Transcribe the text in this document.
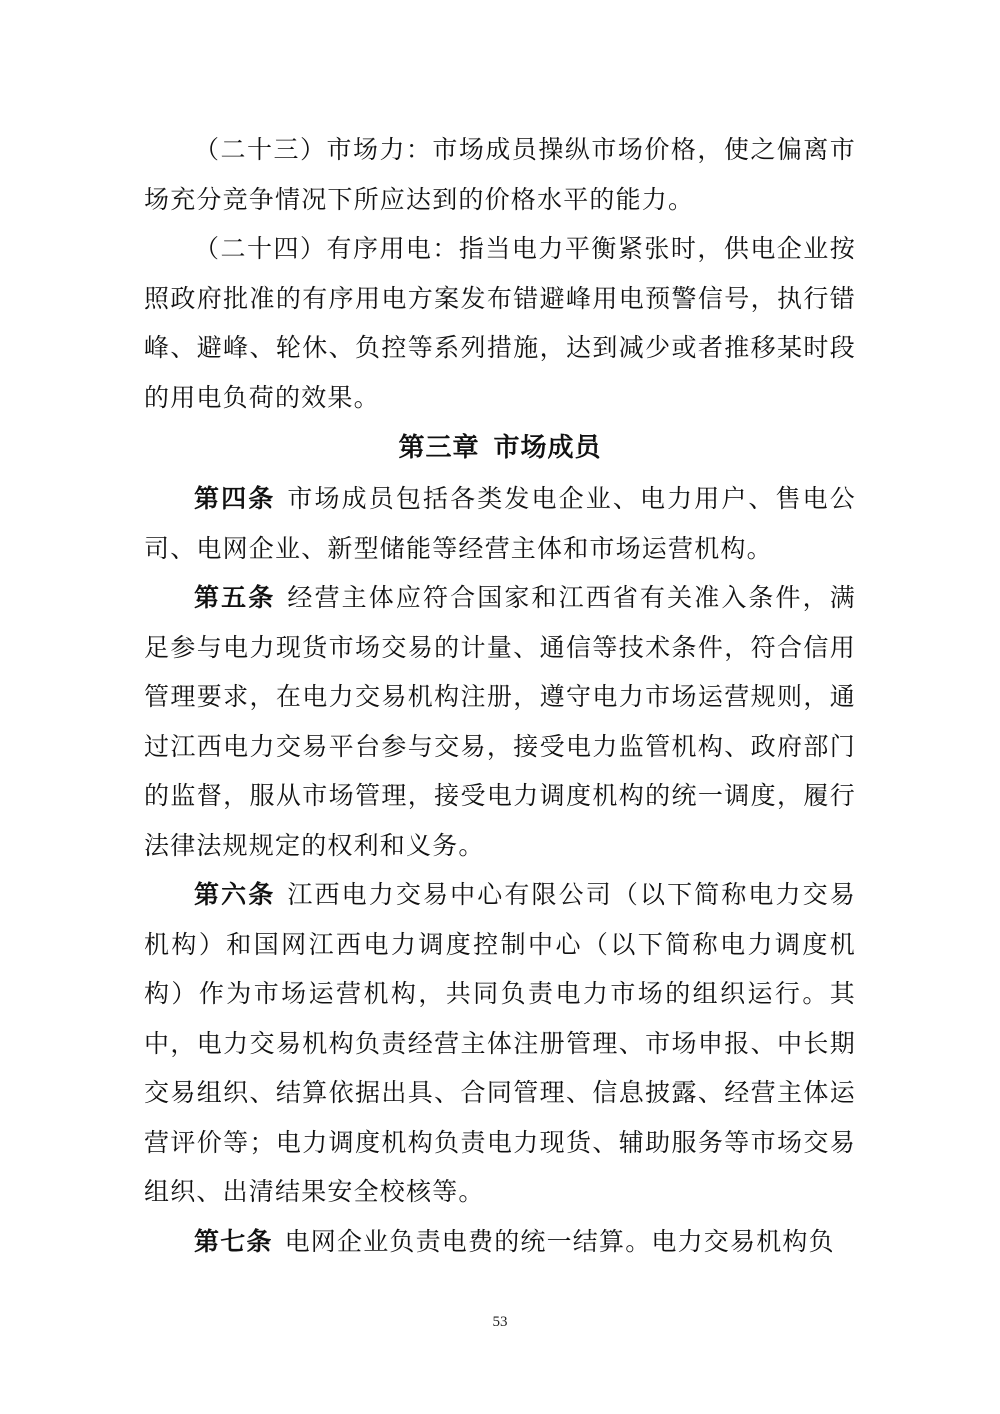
（二十三）市场力：市场成员操纵市场价格，使之偏离市场充分竞争情况下所应达到的价格水平的能力。

（二十四）有序用电：指当电力平衡紧张时，供电企业按照政府批准的有序用电方案发布错避峰用电预警信号，执行错峰、避峰、轮休、负控等系列措施，达到减少或者推移某时段的用电负荷的效果。

第三章 市场成员

第四条 市场成员包括各类发电企业、电力用户、售电公司、电网企业、新型储能等经营主体和市场运营机构。

第五条 经营主体应符合国家和江西省有关准入条件，满足参与电力现货市场交易的计量、通信等技术条件，符合信用管理要求，在电力交易机构注册，遵守电力市场运营规则，通过江西电力交易平台参与交易，接受电力监管机构、政府部门的监督，服从市场管理，接受电力调度机构的统一调度，履行法律法规规定的权利和义务。

第六条 江西电力交易中心有限公司（以下简称电力交易机构）和国网江西电力调度控制中心（以下简称电力调度机构）作为市场运营机构，共同负责电力市场的组织运行。其中，电力交易机构负责经营主体注册管理、市场申报、中长期交易组织、结算依据出具、合同管理、信息披露、经营主体运营评价等；电力调度机构负责电力现货、辅助服务等市场交易组织、出清结果安全校核等。

第七条 电网企业负责电费的统一结算。电力交易机构负

53
